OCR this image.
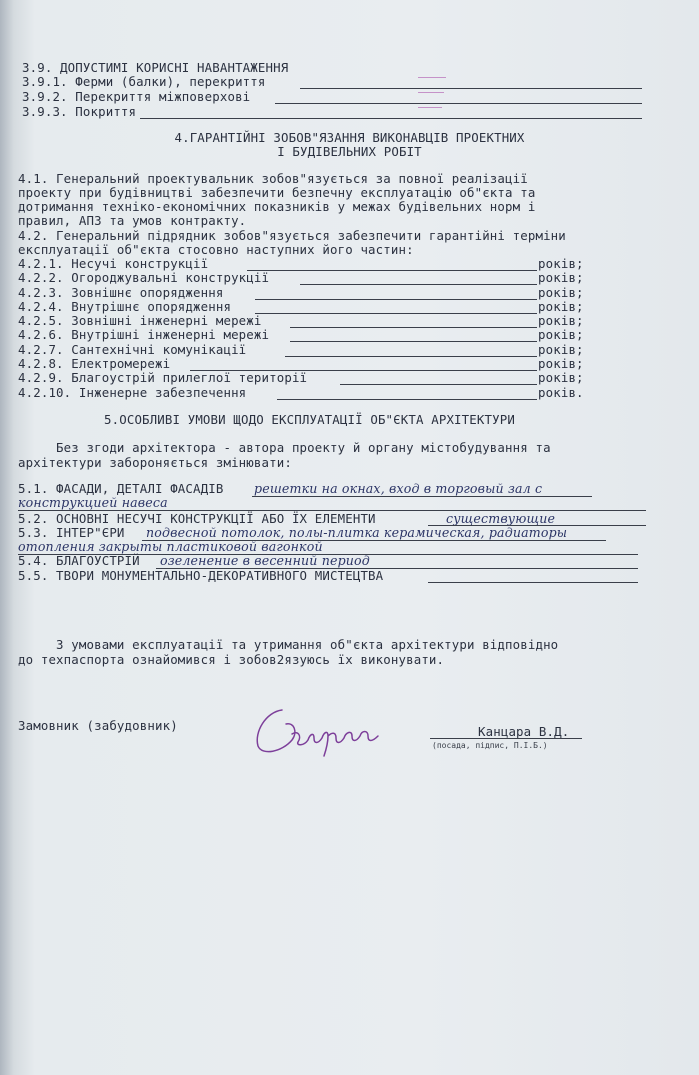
3.9. ДОПУСТИМІ КОРИСНІ НАВАНТАЖЕННЯ
3.9.1. Ферми (балки), перекриття
3.9.2. Перекриття міжповерхові
3.9.3. Покриття
4.ГАРАНТІЙНІ ЗОБОВ"ЯЗАННЯ ВИКОНАВЦІВ ПРОЕКТНИХ
І БУДІВЕЛЬНИХ РОБІТ
4.1. Генеральний проектувальник зобов"язується за повної реалізації
проекту при будівництві забезпечити безпечну експлуатацію об"єкта та
дотримання техніко-економічних показників у межах будівельних норм і
правил, АПЗ та умов контракту.
4.2. Генеральний підрядник зобов"язується забезпечити гарантійні терміни
експлуатації об"єкта стосовно наступних його частин:
4.2.1. Несучі конструкції	років;
4.2.2. Огороджувальні конструкції	років;
4.2.3. Зовнішнє опорядження	років;
4.2.4. Внутрішнє опорядження	років;
4.2.5. Зовнішні інженерні мережі	років;
4.2.6. Внутрішні інженерні мережі	років;
4.2.7. Сантехнічні комунікації	років;
4.2.8. Електромережі	років;
4.2.9. Благоустрій прилеглої території	років;
4.2.10. Інженерне забезпечення	років.
5.ОСОБЛИВІ УМОВИ ЩОДО ЕКСПЛУАТАЦІЇ ОБ"ЄКТА АРХІТЕКТУРИ
Без згоди архітектора - автора проекту й органу містобудування та
архітектури забороняється змінювати:
5.1. ФАСАДИ, ДЕТАЛІ ФАСАДІВ решетки на окнах, вход в торговый зал с
конструкцией навеса
5.2. ОСНОВНІ НЕСУЧІ КОНСТРУКЦІЇ АБО ЇХ ЕЛЕМЕНТИ	существующие
5.3. ІНТЕР"ЄРИ подвесной потолок, полы-плитка керамическая, радиаторы
отопления закрыты пластиковой вагонкой
5.4. БЛАГОУСТРІЙ озеленение в весенний период
5.5. ТВОРИ МОНУМЕНТАЛЬНО-ДЕКОРАТИВНОГО МИСТЕЦТВА
З умовами експлуатації та утримання об"єкта архітектури відповідно
до техпаспорта ознайомився і зобов2язуюсь їх виконувати.
Замовник (забудовник)	Канцара В.Д.
(посада, підпис, П.І.Б.)
